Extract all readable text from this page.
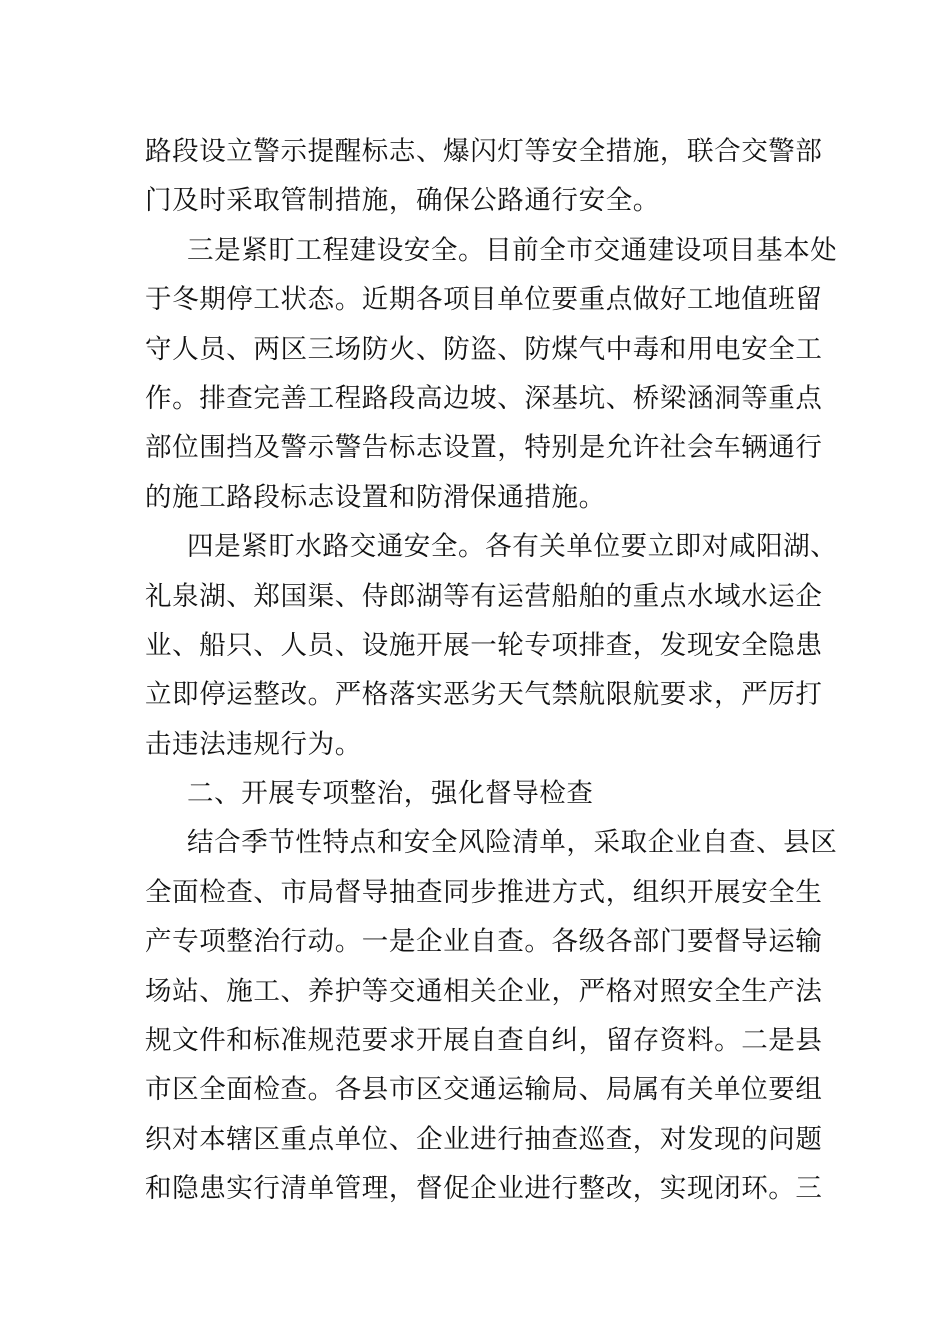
路段设立警示提醒标志、爆闪灯等安全措施，联合交警部
门及时采取管制措施，确保公路通行安全。
三是紧盯工程建设安全。目前全市交通建设项目基本处
于冬期停工状态。近期各项目单位要重点做好工地值班留
守人员、两区三场防火、防盗、防煤气中毒和用电安全工
作。排查完善工程路段高边坡、深基坑、桥梁涵洞等重点
部位围挡及警示警告标志设置，特别是允许社会车辆通行
的施工路段标志设置和防滑保通措施。
四是紧盯水路交通安全。各有关单位要立即对咸阳湖、
礼泉湖、郑国渠、侍郎湖等有运营船舶的重点水域水运企
业、船只、人员、设施开展一轮专项排查，发现安全隐患
立即停运整改。严格落实恶劣天气禁航限航要求，严厉打
击违法违规行为。
二、开展专项整治，强化督导检查
结合季节性特点和安全风险清单，采取企业自查、县区
全面检查、市局督导抽查同步推进方式，组织开展安全生
产专项整治行动。一是企业自查。各级各部门要督导运输
场站、施工、养护等交通相关企业，严格对照安全生产法
规文件和标准规范要求开展自查自纠，留存资料。二是县
市区全面检查。各县市区交通运输局、局属有关单位要组
织对本辖区重点单位、企业进行抽查巡查，对发现的问题
和隐患实行清单管理，督促企业进行整改，实现闭环。三
